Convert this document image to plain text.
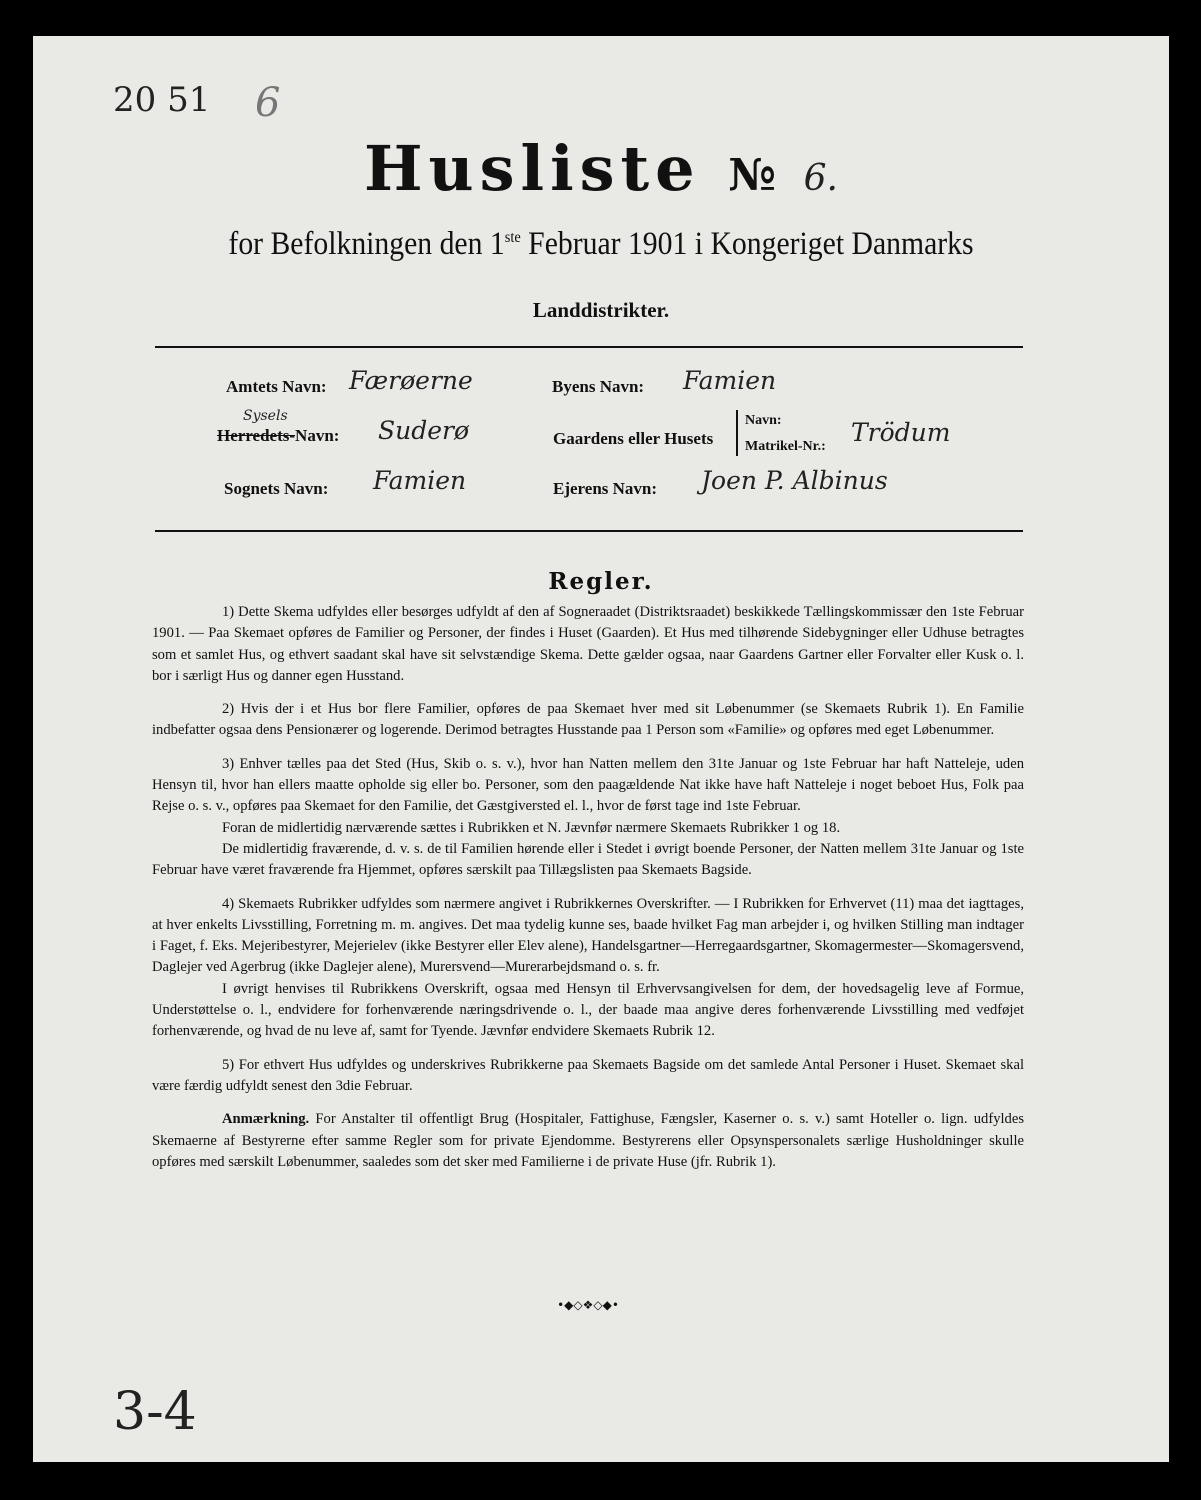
20 51 6
Husliste № 6.
for Befolkningen den 1ste Februar 1901 i Kongeriget Danmarks
Landdistrikter.
Amtets Navn: Færøerne
Sysels
Herredets-Navn: Suderø
Sognets Navn: Famien
Byens Navn: Famien
Gaardens eller Husets
Navn:
Matrikel-Nr.: Trödum
Ejerens Navn: Joen P. Albinus
Regler.

1) Dette Skema udfyldes eller besørges udfyldt af den af Sogneraadet (Distriktsraadet) beskikkede Tællingskommissær den 1ste Februar 1901. — Paa Skemaet opføres de Familier og Personer, der findes i Huset (Gaarden). Et Hus med tilhørende Sidebygninger eller Udhuse betragtes som et samlet Hus, og ethvert saadant skal have sit selvstændige Skema. Dette gælder ogsaa, naar Gaardens Gartner eller Forvalter eller Kusk o. l. bor i særligt Hus og danner egen Husstand.

2) Hvis der i et Hus bor flere Familier, opføres de paa Skemaet hver med sit Løbenummer (se Skemaets Rubrik 1). En Familie indbefatter ogsaa dens Pensionærer og logerende. Derimod betragtes Husstande paa 1 Person som «Familie» og opføres med eget Løbenummer.

3) Enhver tælles paa det Sted (Hus, Skib o. s. v.), hvor han Natten mellem den 31te Januar og 1ste Februar har haft Natteleje, uden Hensyn til, hvor han ellers maatte opholde sig eller bo. Personer, som den paagældende Nat ikke have haft Natteleje i noget beboet Hus, Folk paa Rejse o. s. v., opføres paa Skemaet for den Familie, det Gæstgiversted el. l., hvor de først tage ind 1ste Februar.

Foran de midlertidig nærværende sættes i Rubrikken et N. Jævnfør nærmere Skemaets Rubrikker 1 og 18.

De midlertidig fraværende, d. v. s. de til Familien hørende eller i Stedet i øvrigt boende Personer, der Natten mellem 31te Januar og 1ste Februar have været fraværende fra Hjemmet, opføres særskilt paa Tillægslisten paa Skemaets Bagside.

4) Skemaets Rubrikker udfyldes som nærmere angivet i Rubrikkernes Overskrifter. — I Rubrikken for Erhvervet (11) maa det iagttages, at hver enkelts Livsstilling, Forretning m. m. angives. Det maa tydelig kunne ses, baade hvilket Fag man arbejder i, og hvilken Stilling man indtager i Faget, f. Eks. Mejeribestyrer, Mejerielev (ikke Bestyrer eller Elev alene), Handelsgartner—Herregaardsgartner, Skomagermester—Skomagersvend, Daglejer ved Agerbrug (ikke Daglejer alene), Murersvend—Murerarbejdsmand o. s. fr.

I øvrigt henvises til Rubrikkens Overskrift, ogsaa med Hensyn til Erhvervsangivelsen for dem, der hovedsagelig leve af Formue, Understøttelse o. l., endvidere for forhenværende næringsdrivende o. l., der baade maa angive deres forhenværende Livsstilling med vedføjet forhenværende, og hvad de nu leve af, samt for Tyende. Jævnfør endvidere Skemaets Rubrik 12.

5) For ethvert Hus udfyldes og underskrives Rubrikkerne paa Skemaets Bagside om det samlede Antal Personer i Huset. Skemaet skal være færdig udfyldt senest den 3die Februar.

Anmærkning. For Anstalter til offentligt Brug (Hospitaler, Fattighuse, Fængsler, Kaserner o. s. v.) samt Hoteller o. lign. udfyldes Skemaerne af Bestyrerne efter samme Regler som for private Ejendomme. Bestyrerens eller Opsynspersonalets særlige Husholdninger skulle opføres med særskilt Løbenummer, saaledes som det sker med Familierne i de private Huse (jfr. Rubrik 1).

•◆◇❖◇◆•
3-4
